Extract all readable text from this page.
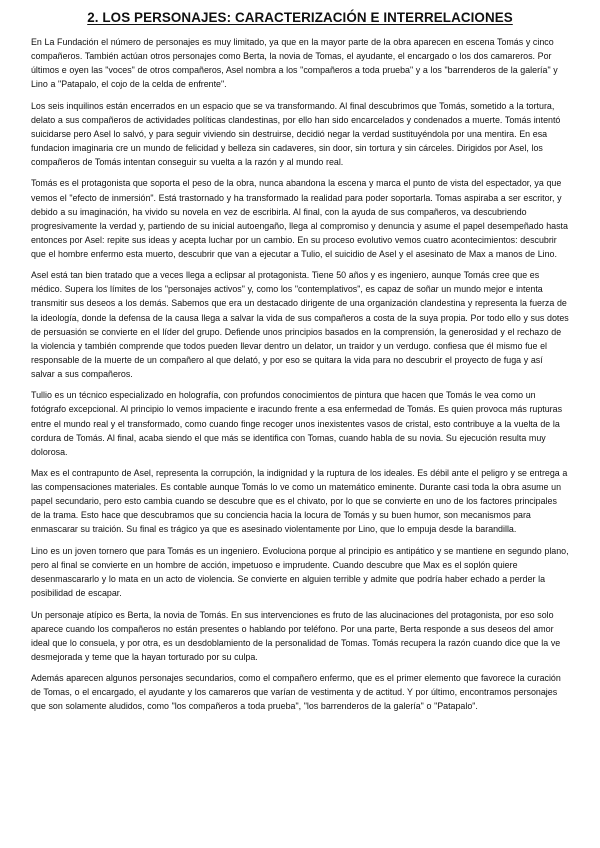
2. LOS PERSONAJES: CARACTERIZACIÓN E INTERRELACIONES

En La Fundación el número de personajes es muy limitado, ya que en la mayor parte de la obra aparecen en escena Tomás y cinco compañeros. También actúan otros personajes como Berta, la novia de Tomas, el ayudante, el encargado o los dos camareros. Por últimos e oyen las "voces" de otros compañeros, Asel nombra a los "compañeros a toda prueba" y a los "barrenderos de la galería" y Lino a "Patapalo, el cojo de la celda de enfrente".

Los seis inquilinos están encerrados en un espacio que se va transformando. Al final descubrimos que Tomás, sometido a la tortura, delato a sus compañeros de actividades políticas clandestinas, por ello han sido encarcelados y condenados a muerte. Tomás intentó suicidarse pero Asel lo salvó, y para seguir viviendo sin destruirse, decidió negar la verdad sustituyéndola por una mentira. En esa fundacion imaginaria cre un mundo de felicidad y belleza sin cadaveres, sin door, sin tortura y sin cárceles. Dirigidos por Asel, los compañeros de Tomás intentan conseguir su vuelta a la razón y al mundo real.

Tomás es el protagonista que soporta el peso de la obra, nunca abandona la escena y marca el punto de vista del espectador, ya que vemos el "efecto de inmersión". Está trastornado y ha transformado la realidad para poder soportarla. Tomas aspiraba a ser escritor, y debido a su imaginación, ha vivido su novela en vez de escribirla. Al final, con la ayuda de sus compañeros, va descubriendo progresivamente la verdad y, partiendo de su inicial autoengaño, llega al compromiso y denuncia y asume el papel desempeñado hasta entonces por Asel: repite sus ideas y acepta luchar por un cambio. En su proceso evolutivo vemos cuatro acontecimientos: descubrir que el hombre enfermo esta muerto, descubrir que van a ejecutar a Tulio, el suicidio de Asel y el asesinato de Max a manos de Lino.

Asel está tan bien tratado que a veces llega a eclipsar al protagonista. Tiene 50 años y es ingeniero, aunque Tomás cree que es médico. Supera los límites de los "personajes activos" y, como los "contemplativos", es capaz de soñar un mundo mejor e intenta transmitir sus deseos a los demás. Sabemos que era un destacado dirigente de una organización clandestina y representa la fuerza de la ideología, donde la defensa de la causa llega a salvar la vida de sus compañeros a costa de la suya propia. Por todo ello y sus dotes de persuasión se convierte en el líder del grupo. Defiende unos principios basados en la comprensión, la generosidad y el rechazo de la violencia y también comprende que todos pueden llevar dentro un delator, un traidor y un verdugo. confiesa que él mismo fue el responsable de la muerte de un compañero al que delató, y por eso se quitara la vida para no descubrir el proyecto de fuga y así salvar a sus compañeros.

Tullio es un técnico especializado en holografía, con profundos conocimientos de pintura que hacen que Tomás le vea como un fotógrafo excepcional. Al principio lo vemos impaciente e iracundo frente a esa enfermedad de Tomás. Es quien provoca más rupturas entre el mundo real y el transformado, como cuando finge recoger unos inexistentes vasos de cristal, esto contribuye a la vuelta de la cordura de Tomás. Al final, acaba siendo el que más se identifica con Tomas, cuando habla de su novia. Su ejecución resulta muy dolorosa.

Max es el contrapunto de Asel, representa la corrupción, la indignidad y la ruptura de los ideales. Es débil ante el peligro y se entrega a las compensaciones materiales. Es contable aunque Tomás lo ve como un matemático eminente. Durante casi toda la obra asume un papel secundario, pero esto cambia cuando se descubre que es el chivato, por lo que se convierte en uno de los factores principales de la trama. Esto hace que descubramos que su conciencia hacia la locura de Tomás y su buen humor, son mecanismos para enmascarar su traición. Su final es trágico ya que es asesinado violentamente por Lino, que lo empuja desde la barandilla.

Lino es un joven tornero que para Tomás es un ingeniero. Evoluciona porque al principio es antipático y se mantiene en segundo plano, pero al final se convierte en un hombre de acción, impetuoso e imprudente. Cuando descubre que Max es el soplón quiere desenmascararlo y lo mata en un acto de violencia. Se convierte en alguien terrible y admite que podría haber echado a perder la posibilidad de escapar.

Un personaje atípico es Berta, la novia de Tomás. En sus intervenciones es fruto de las alucinaciones del protagonista, por eso solo aparece cuando los compañeros no están presentes o hablando por teléfono. Por una parte, Berta responde a sus deseos del amor ideal que lo consuela, y por otra, es un desdoblamiento de la personalidad de Tomas. Tomás recupera la razón cuando dice que la ve desmejorada y teme que la hayan torturado por su culpa.

Además aparecen algunos personajes secundarios, como el compañero enfermo, que es el primer elemento que favorece la curación de Tomas, o el encargado, el ayudante y los camareros que varían de vestimenta y de actitud. Y por último, encontramos personajes que son solamente aludidos, como "los compañeros a toda prueba", "los barrenderos de la galería" o "Patapalo".
